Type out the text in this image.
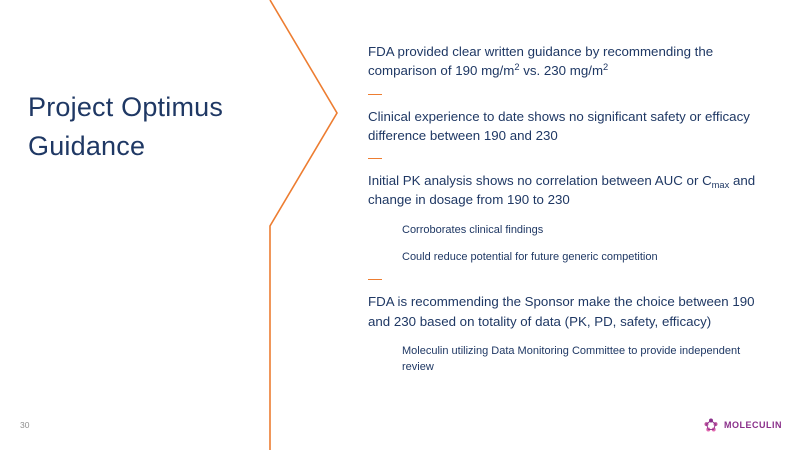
Project Optimus Guidance
FDA provided clear written guidance by recommending the comparison of 190 $mg/m^2$ vs. 230 $mg/m^2$
Clinical experience to date shows no significant safety or efficacy difference between 190 and 230
Initial PK analysis shows no correlation between AUC or $C_{max}$ and change in dosage from 190 to 230
Corroborates clinical findings
Could reduce potential for future generic competition
FDA is recommending the Sponsor make the choice between 190 and 230 based on totality of data (PK, PD, safety, efficacy)
Moleculin utilizing Data Monitoring Committee to provide independent review
30	MOLECULIN
